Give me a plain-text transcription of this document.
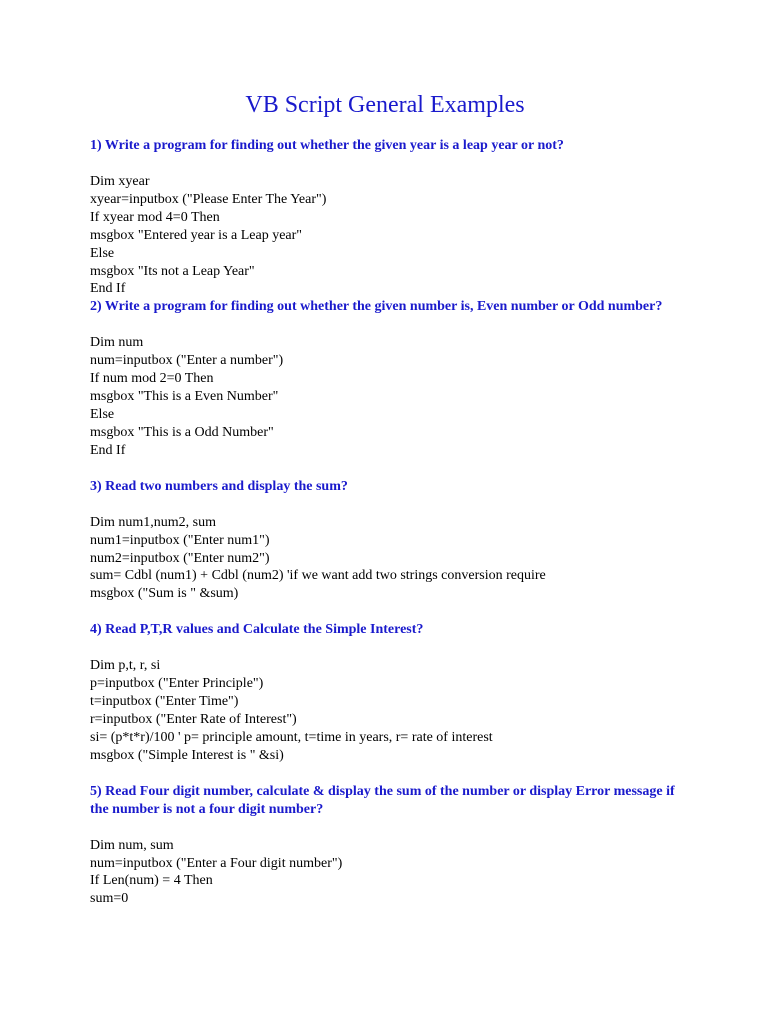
VB Script General Examples

1) Write a program for finding out whether the given year is a leap year or not?

Dim xyear

xyear=inputbox ("Please Enter The Year")

If xyear mod 4=0 Then

msgbox "Entered year is a Leap year"

Else

msgbox "Its not a Leap Year"

End If

2) Write a program for finding out whether the given number is, Even number or Odd number?

Dim num

num=inputbox ("Enter a number")

If num mod 2=0 Then

msgbox "This is a Even Number"

Else

msgbox "This is a Odd Number"

End If

3) Read two numbers and display the sum?

Dim num1,num2, sum

num1=inputbox ("Enter num1")

num2=inputbox ("Enter num2")

sum= Cdbl (num1) + Cdbl (num2) 'if we want add two strings conversion require

msgbox ("Sum is " &sum)

4) Read P,T,R values and Calculate the Simple Interest?

Dim p,t, r, si

p=inputbox ("Enter Principle")

t=inputbox ("Enter Time")

r=inputbox ("Enter Rate of Interest")

si= (p*t*r)/100 ' p= principle amount, t=time in years, r= rate of interest

msgbox ("Simple Interest is " &si)

5) Read Four digit number, calculate & display the sum of the number or display Error message if the number is not a four digit number?

Dim num, sum

num=inputbox ("Enter a Four digit number")

If Len(num) = 4 Then

sum=0
